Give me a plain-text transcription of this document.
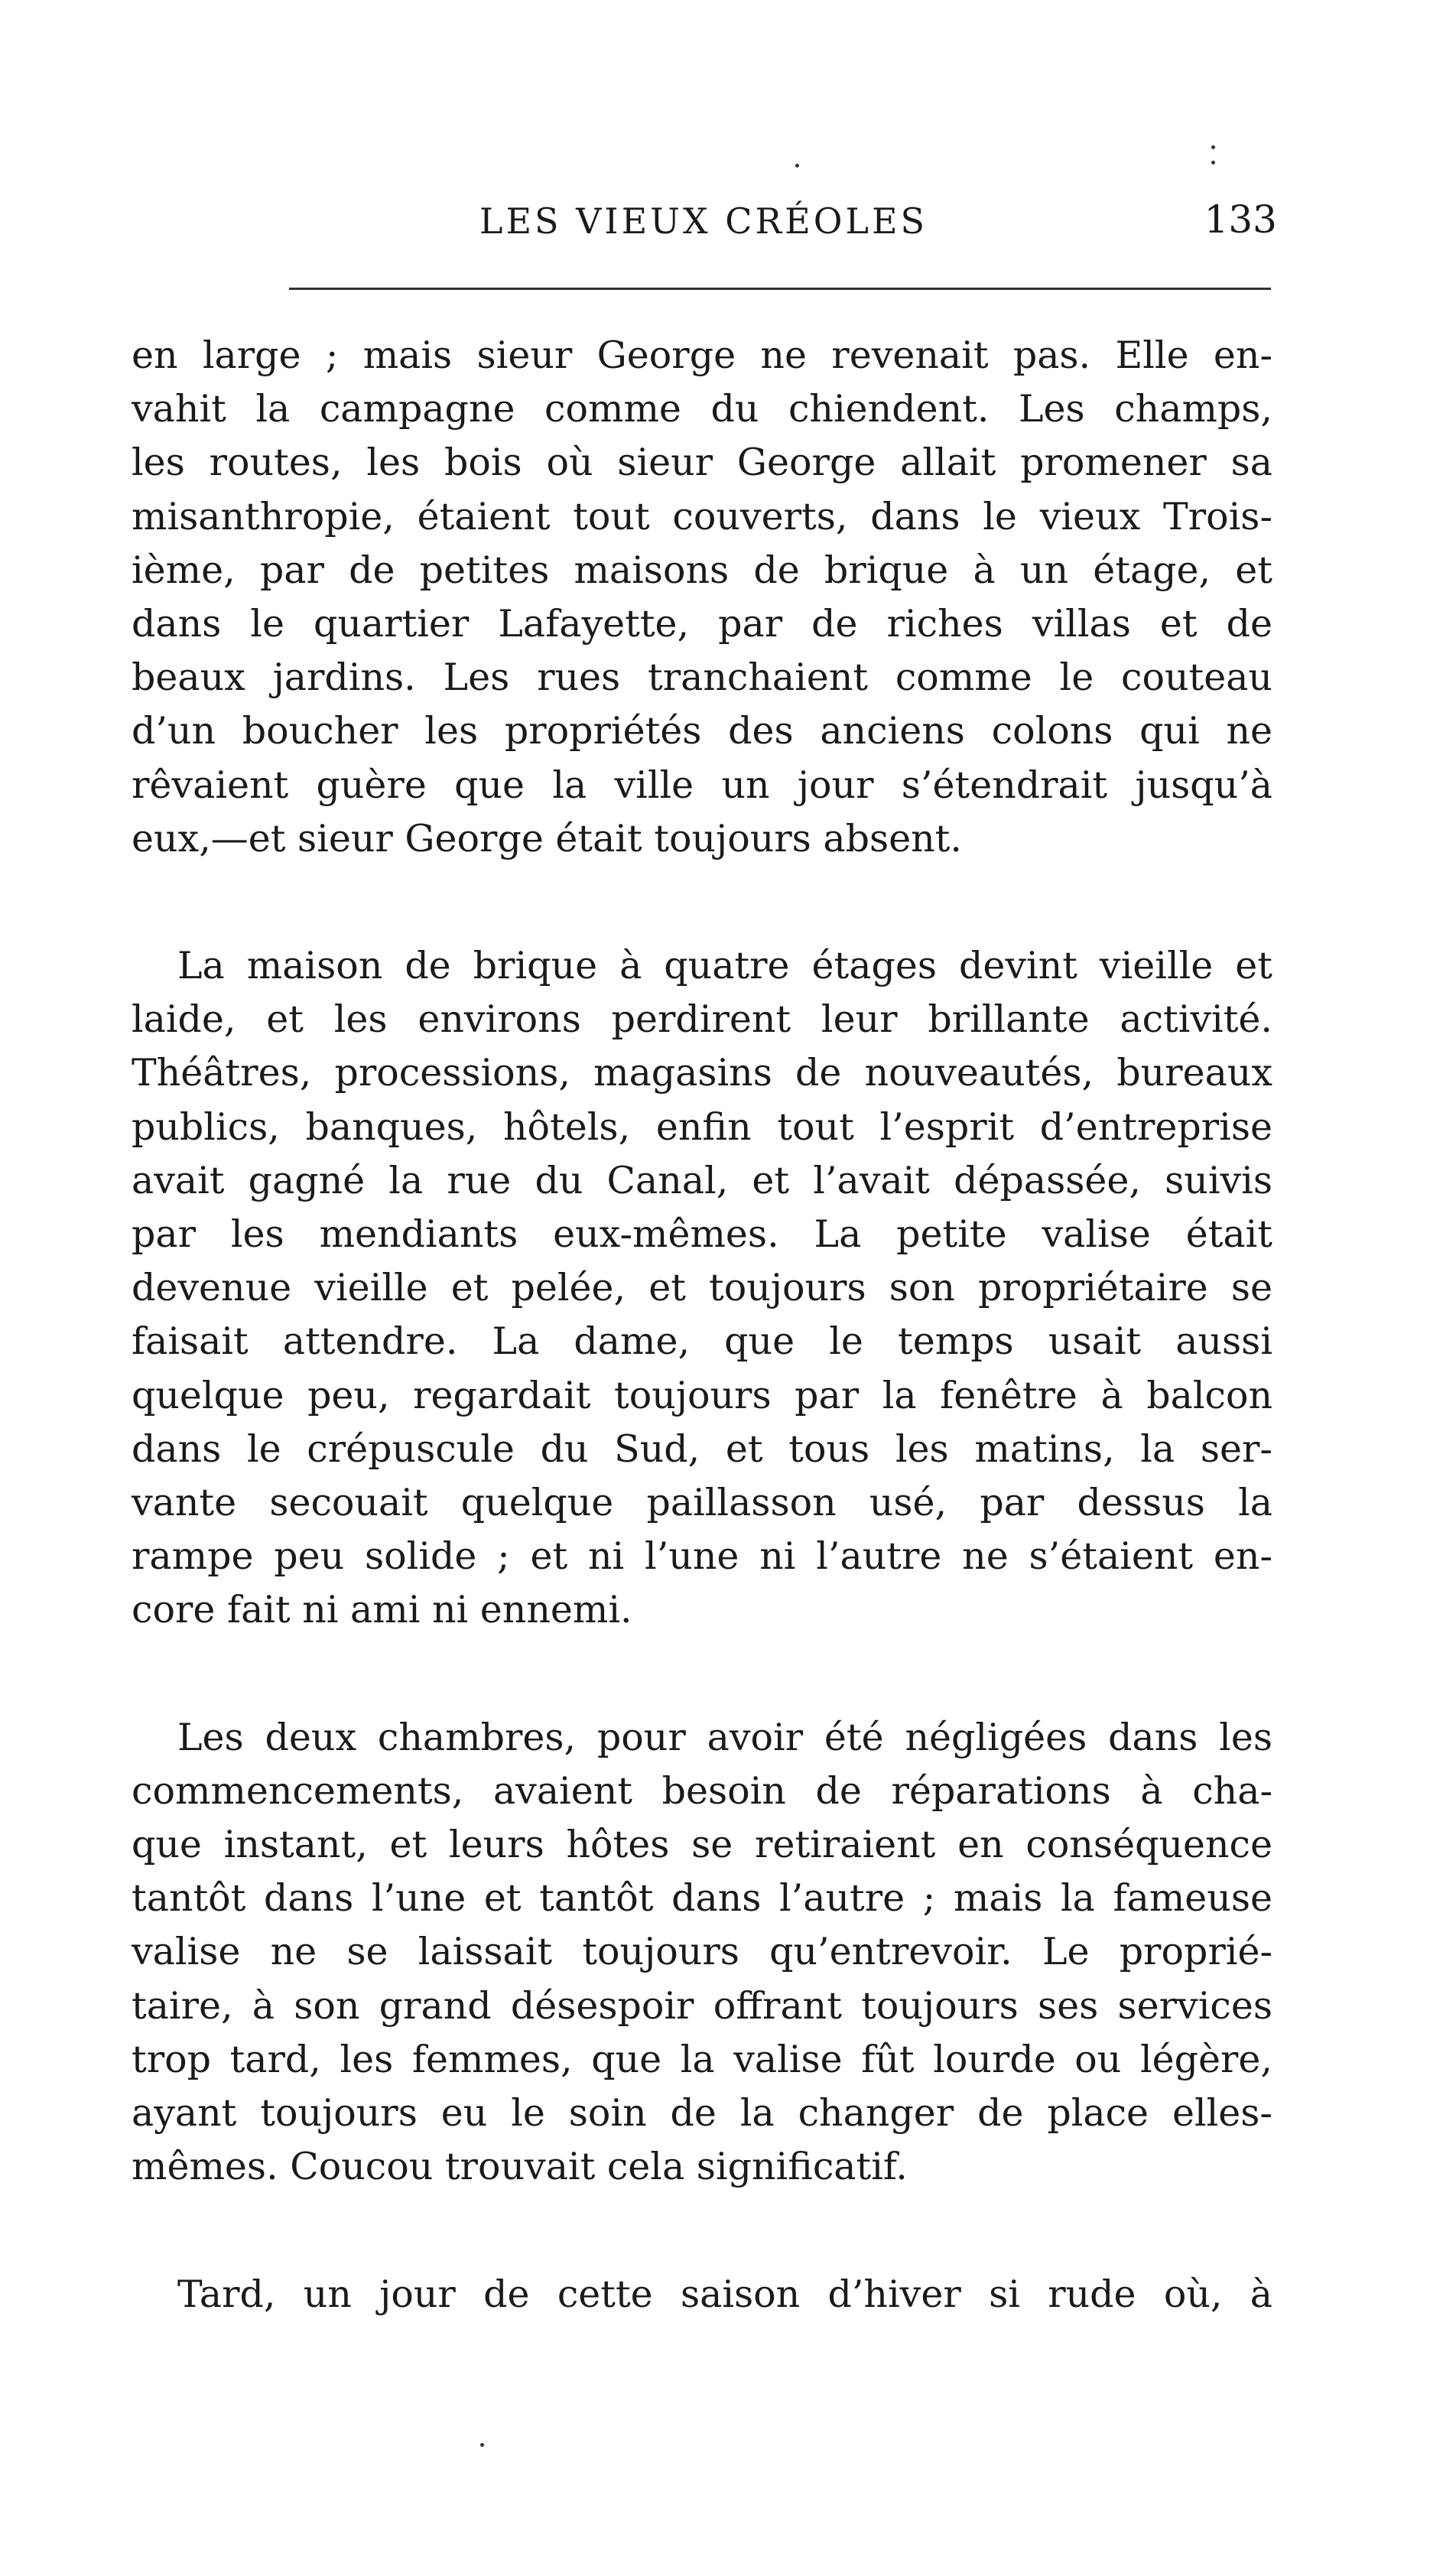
LES VIEUX CRÉOLES	133
en large ; mais sieur George ne revenait pas. Elle en-
vahit la campagne comme du chiendent. Les champs,
les routes, les bois où sieur George allait promener sa
misanthropie, étaient tout couverts, dans le vieux Trois-
ième, par de petites maisons de brique à un étage, et
dans le quartier Lafayette, par de riches villas et de
beaux jardins. Les rues tranchaient comme le couteau
d’un boucher les propriétés des anciens colons qui ne
rêvaient guère que la ville un jour s’étendrait jusqu’à
eux,—et sieur George était toujours absent.
La maison de brique à quatre étages devint vieille et
laide, et les environs perdirent leur brillante activité.
Théâtres, processions, magasins de nouveautés, bureaux
publics, banques, hôtels, enfin tout l’esprit d’entreprise
avait gagné la rue du Canal, et l’avait dépassée, suivis
par les mendiants eux-mêmes. La petite valise était
devenue vieille et pelée, et toujours son propriétaire se
faisait attendre. La dame, que le temps usait aussi
quelque peu, regardait toujours par la fenêtre à balcon
dans le crépuscule du Sud, et tous les matins, la ser-
vante secouait quelque paillasson usé, par dessus la
rampe peu solide ; et ni l’une ni l’autre ne s’étaient en-
core fait ni ami ni ennemi.
Les deux chambres, pour avoir été négligées dans les
commencements, avaient besoin de réparations à cha-
que instant, et leurs hôtes se retiraient en conséquence
tantôt dans l’une et tantôt dans l’autre ; mais la fameuse
valise ne se laissait toujours qu’entrevoir. Le proprié-
taire, à son grand désespoir offrant toujours ses services
trop tard, les femmes, que la valise fût lourde ou légère,
ayant toujours eu le soin de la changer de place elles-
mêmes. Coucou trouvait cela significatif.
Tard, un jour de cette saison d’hiver si rude où, à
